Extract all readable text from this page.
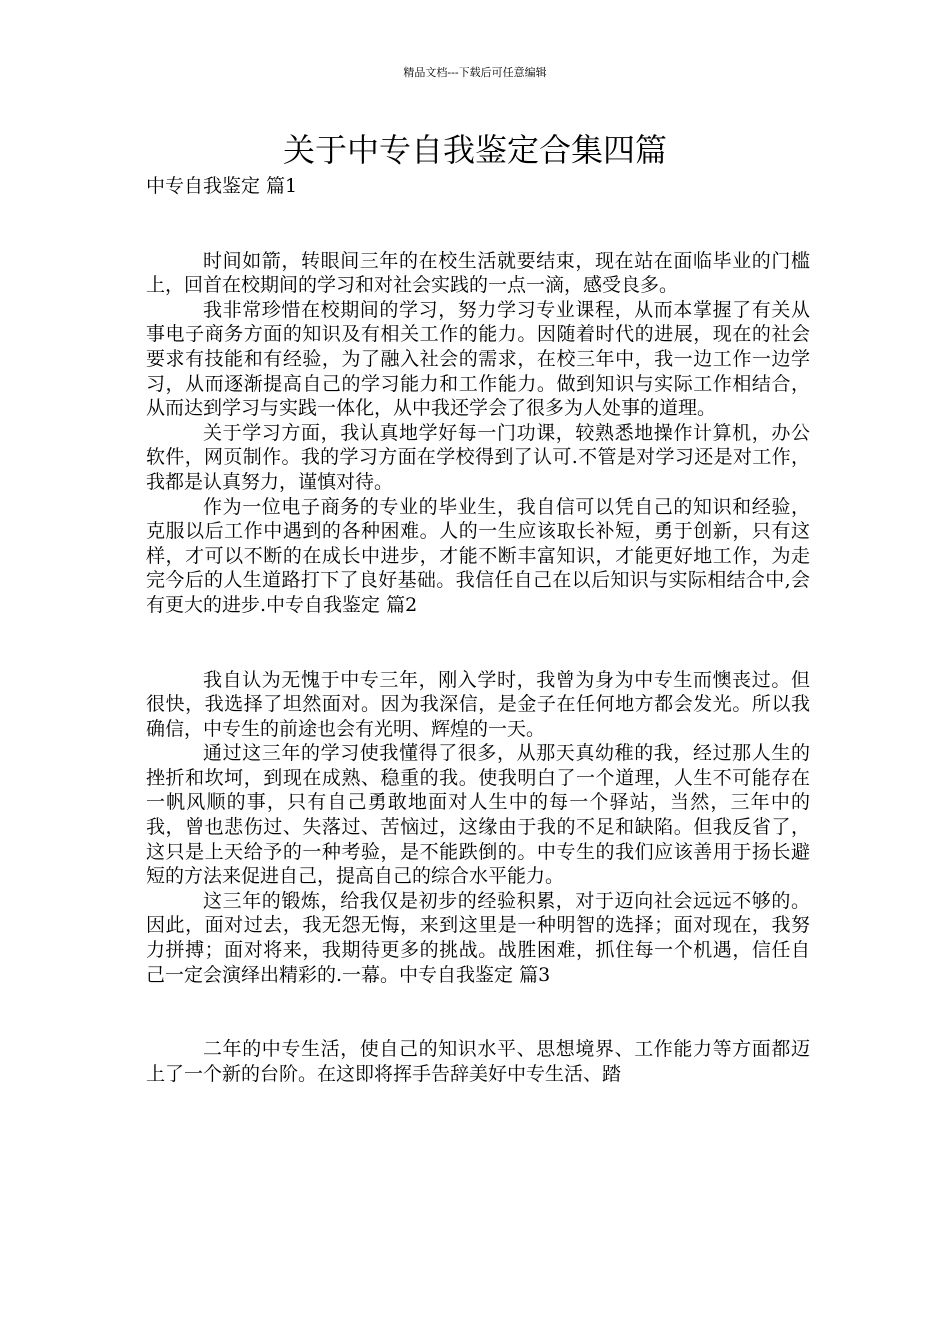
精品文档---下载后可任意编辑
关于中专自我鉴定合集四篇

中专自我鉴定 篇1

时间如箭，转眼间三年的在校生活就要结束，现在站在面临毕业的门槛上，回首在校期间的学习和对社会实践的一点一滴，感受良多。

我非常珍惜在校期间的学习，努力学习专业课程，从而本掌握了有关从事电子商务方面的知识及有相关工作的能力。因随着时代的进展，现在的社会要求有技能和有经验，为了融入社会的需求，在校三年中，我一边工作一边学习，从而逐渐提高自己的学习能力和工作能力。做到知识与实际工作相结合，从而达到学习与实践一体化，从中我还学会了很多为人处事的道理。

关于学习方面，我认真地学好每一门功课，较熟悉地操作计算机，办公软件，网页制作。我的学习方面在学校得到了认可.不管是对学习还是对工作，我都是认真努力，谨慎对待。

作为一位电子商务的专业的毕业生，我自信可以凭自己的知识和经验，克服以后工作中遇到的各种困难。人的一生应该取长补短，勇于创新，只有这样，才可以不断的在成长中进步，才能不断丰富知识，才能更好地工作，为走完今后的人生道路打下了良好基础。我信任自己在以后知识与实际相结合中,会有更大的进步.中专自我鉴定 篇2

我自认为无愧于中专三年，刚入学时，我曾为身为中专生而懊丧过。但很快，我选择了坦然面对。因为我深信，是金子在任何地方都会发光。所以我确信，中专生的前途也会有光明、辉煌的一天。

通过这三年的学习使我懂得了很多，从那天真幼稚的我，经过那人生的挫折和坎坷，到现在成熟、稳重的我。使我明白了一个道理，人生不可能存在一帆风顺的事，只有自己勇敢地面对人生中的每一个驿站，当然，三年中的我，曾也悲伤过、失落过、苦恼过，这缘由于我的不足和缺陷。但我反省了，这只是上天给予的一种考验，是不能跌倒的。中专生的我们应该善用于扬长避短的方法来促进自己，提高自己的综合水平能力。

这三年的锻炼，给我仅是初步的经验积累，对于迈向社会远远不够的。因此，面对过去，我无怨无悔，来到这里是一种明智的选择；面对现在，我努力拼搏；面对将来，我期待更多的挑战。战胜困难，抓住每一个机遇，信任自己一定会演绎出精彩的.一幕。中专自我鉴定 篇3

二年的中专生活，使自己的知识水平、思想境界、工作能力等方面都迈上了一个新的台阶。在这即将挥手告辞美好中专生活、踏
